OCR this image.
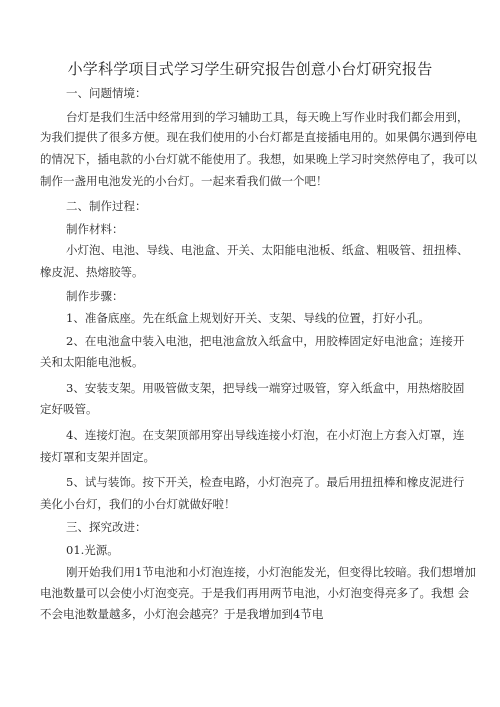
小学科学项目式学习学生研究报告创意小台灯研究报告
一、问题情境：
台灯是我们生活中经常用到的学习辅助工具，每天晚上写作业时我们都会用到，
为我们提供了很多方便。现在我们使用的小台灯都是直接插电用的。如果偶尔遇到停电
的情况下，插电款的小台灯就不能使用了。我想，如果晚上学习时突然停电了，我可以
制作一盏用电池发光的小台灯。一起来看我们做一个吧！
二、制作过程：
制作材料：
小灯泡、电池、导线、电池盒、开关、太阳能电池板、纸盒、粗吸管、扭扭棒、
橡皮泥、热熔胶等。
制作步骤：
1、准备底座。先在纸盒上规划好开关、支架、导线的位置，打好小孔。
2、在电池盒中装入电池，把电池盒放入纸盒中，用胶棒固定好电池盒；连接开
关和太阳能电池板。
3、安装支架。用吸管做支架，把导线一端穿过吸管，穿入纸盒中，用热熔胶固
定好吸管。
4、连接灯泡。在支架顶部用穿出导线连接小灯泡，在小灯泡上方套入灯罩，连
接灯罩和支架并固定。
5、试与装饰。按下开关，检查电路，小灯泡亮了。最后用扭扭棒和橡皮泥进行
美化小台灯，我们的小台灯就做好啦！
三、探究改进：
01.光源。
刚开始我们用1节电池和小灯泡连接，小灯泡能发光，但变得比较暗。我们想增加
电池数量可以会使小灯泡变亮。于是我们再用两节电池，小灯泡变得亮多了。我想 会
不会电池数量越多，小灯泡会越亮？于是我增加到4节电
